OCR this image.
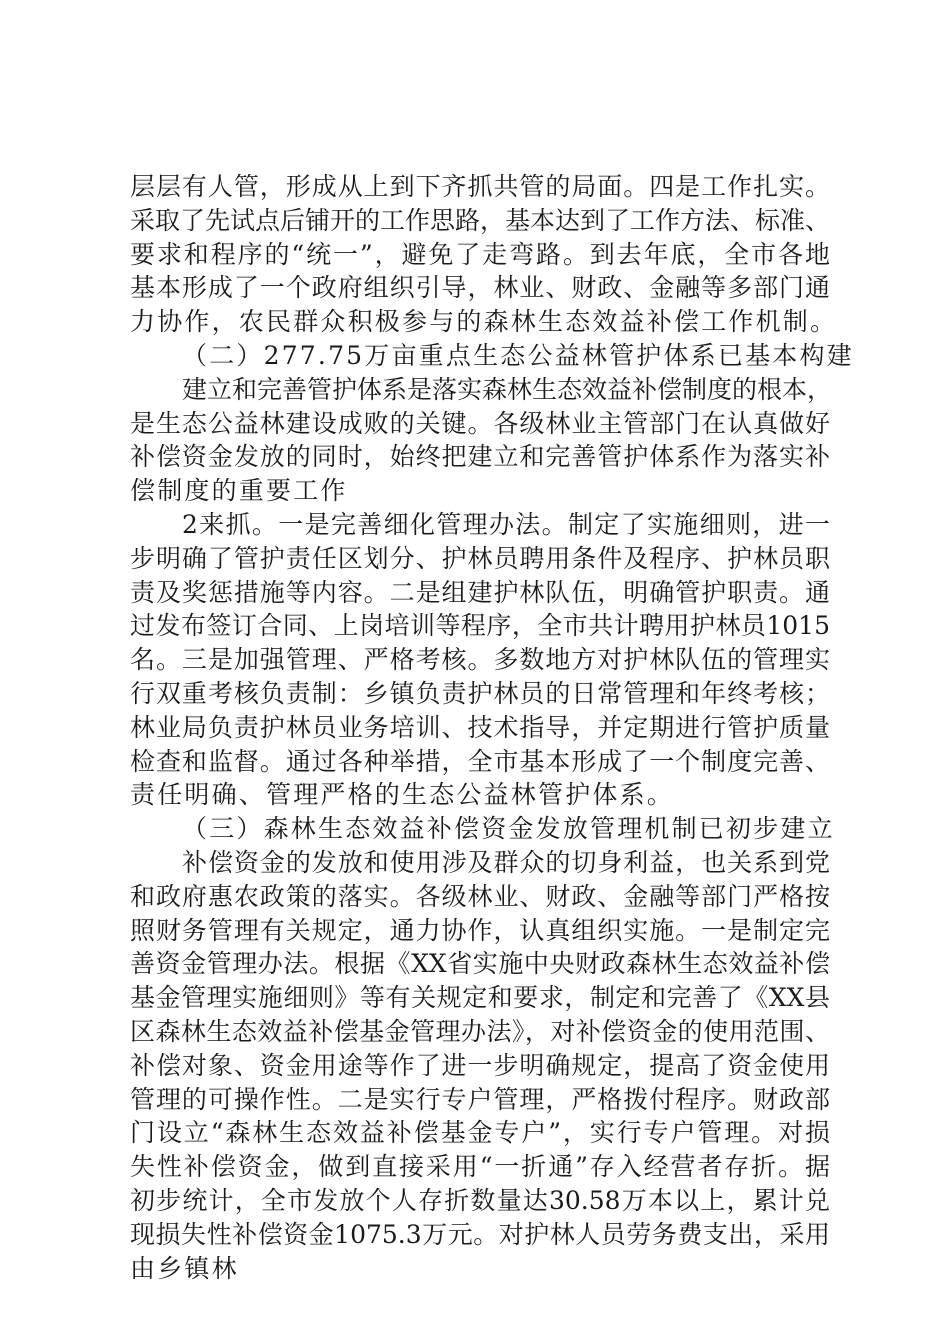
层层有人管，形成从上到下齐抓共管的局面。四是工作扎实。
采取了先试点后铺开的工作思路，基本达到了工作方法、标准、
要求和程序的“统一”，避免了走弯路。到去年底，全市各地
基本形成了一个政府组织引导，林业、财政、金融等多部门通
力协作，农民群众积极参与的森林生态效益补偿工作机制。
（二）277.75万亩重点生态公益林管护体系已基本构建
建立和完善管护体系是落实森林生态效益补偿制度的根本，
是生态公益林建设成败的关键。各级林业主管部门在认真做好
补偿资金发放的同时，始终把建立和完善管护体系作为落实补
偿制度的重要工作
2来抓。一是完善细化管理办法。制定了实施细则，进一
步明确了管护责任区划分、护林员聘用条件及程序、护林员职
责及奖惩措施等内容。二是组建护林队伍，明确管护职责。通
过发布签订合同、上岗培训等程序，全市共计聘用护林员1015
名。三是加强管理、严格考核。多数地方对护林队伍的管理实
行双重考核负责制：乡镇负责护林员的日常管理和年终考核；
林业局负责护林员业务培训、技术指导，并定期进行管护质量
检查和监督。通过各种举措，全市基本形成了一个制度完善、
责任明确、管理严格的生态公益林管护体系。
（三）森林生态效益补偿资金发放管理机制已初步建立
补偿资金的发放和使用涉及群众的切身利益，也关系到党
和政府惠农政策的落实。各级林业、财政、金融等部门严格按
照财务管理有关规定，通力协作，认真组织实施。一是制定完
善资金管理办法。根据《XX省实施中央财政森林生态效益补偿
基金管理实施细则》等有关规定和要求，制定和完善了《XX县
区森林生态效益补偿基金管理办法》，对补偿资金的使用范围、
补偿对象、资金用途等作了进一步明确规定，提高了资金使用
管理的可操作性。二是实行专户管理，严格拨付程序。财政部
门设立“森林生态效益补偿基金专户”，实行专户管理。对损
失性补偿资金，做到直接采用“一折通”存入经营者存折。据
初步统计，全市发放个人存折数量达30.58万本以上，累计兑
现损失性补偿资金1075.3万元。对护林人员劳务费支出，采用
由乡镇林
